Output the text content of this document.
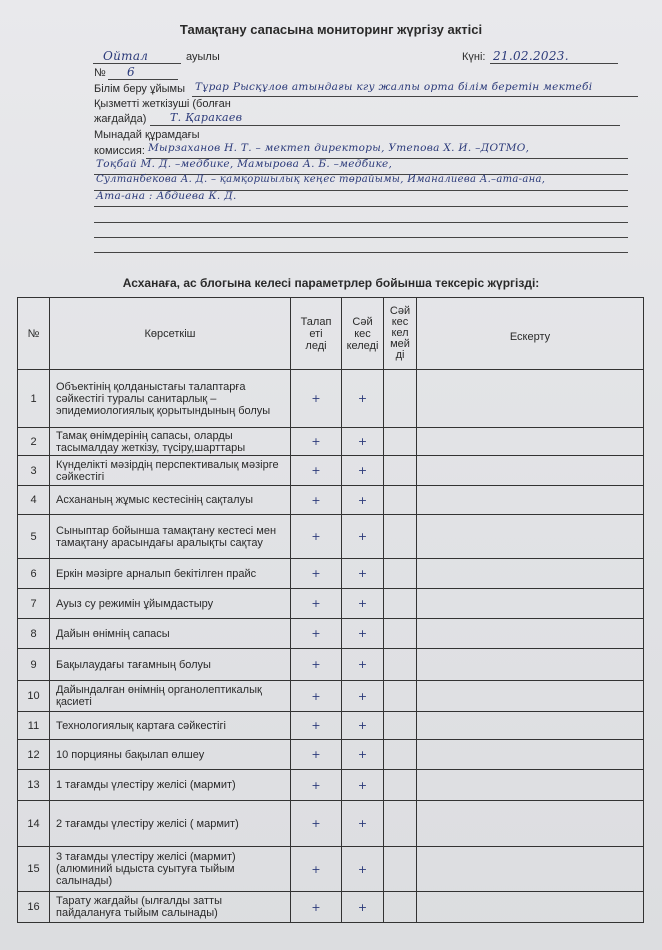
Тамақтану сапасына мониторинг жүргізу актісі
Ойтал	ауылы	Күні: 21.02.2023.
№ 6
Білім беру ұйымы Тұрар Рысқұлов атындағы кгу жалпы орта білім беретін мектебі
Қызметті жеткізуші (болған
жағдайда) Т. Қаракаев
Мынадай құрамдағы
комиссия: Мырзаханов Н. Т. – мектеп директоры, Утепова Х. И. –ДОТМО,
Тоқбай М. Д. –медбике, Мамырова А. Б. –медбике,
Султанбекова А. Д. – қамқоршылық кеңес төрайымы, Иманалиева А.–ата-ана,
Ата-ана : Абдиева К. Д.
Асханаға, ас блогына келесі параметрлер бойынша тексеріс жүргізді:
№	Көрсеткіш	Талап
еті
леді	Сәй
кес
келеді	Сәй
кес
кел
мей
ді	Ескерту
1	Объектінің қолданыстағы талаптарға сәйкестігі туралы санитарлық – эпидемиологиялық қорытындының болуы	+	+		
2	Тамақ өнімдерінің сапасы, оларды тасымалдау жеткізу, түсіру,шарттары	+	+		
3	Күнделікті мәзірдің перспективалық мәзірге сәйкестігі	+	+		
4	Асхананың жұмыс кестесінің сақталуы	+	+		
5	Сыныптар бойынша тамақтану кестесі мен тамақтану арасындағы аралықты сақтау	+	+		
6	Еркін мәзірге арналып бекітілген прайс	+	+		
7	Ауыз су режимін ұйымдастыру	+	+		
8	Дайын өнімнің сапасы	+	+		
9	Бақылаудағы тағамның болуы	+	+		
10	Дайындалған өнімнің органолептикалық қасиеті	+	+		
11	Технологиялық картаға сәйкестігі	+	+		
12	10 порцияны бақылап өлшеу	+	+		
13	1 тағамды үлестіру желісі (мармит)	+	+		
14	2 тағамды үлестіру желісі ( мармит)	+	+		
15	3 тағамды үлестіру желісі (мармит) (алюминий ыдыста суытуға тыйым салынады)	+	+		
16	Тарату жағдайы (ылғалды затты пайдалануға тыйым салынады)	+	+		
